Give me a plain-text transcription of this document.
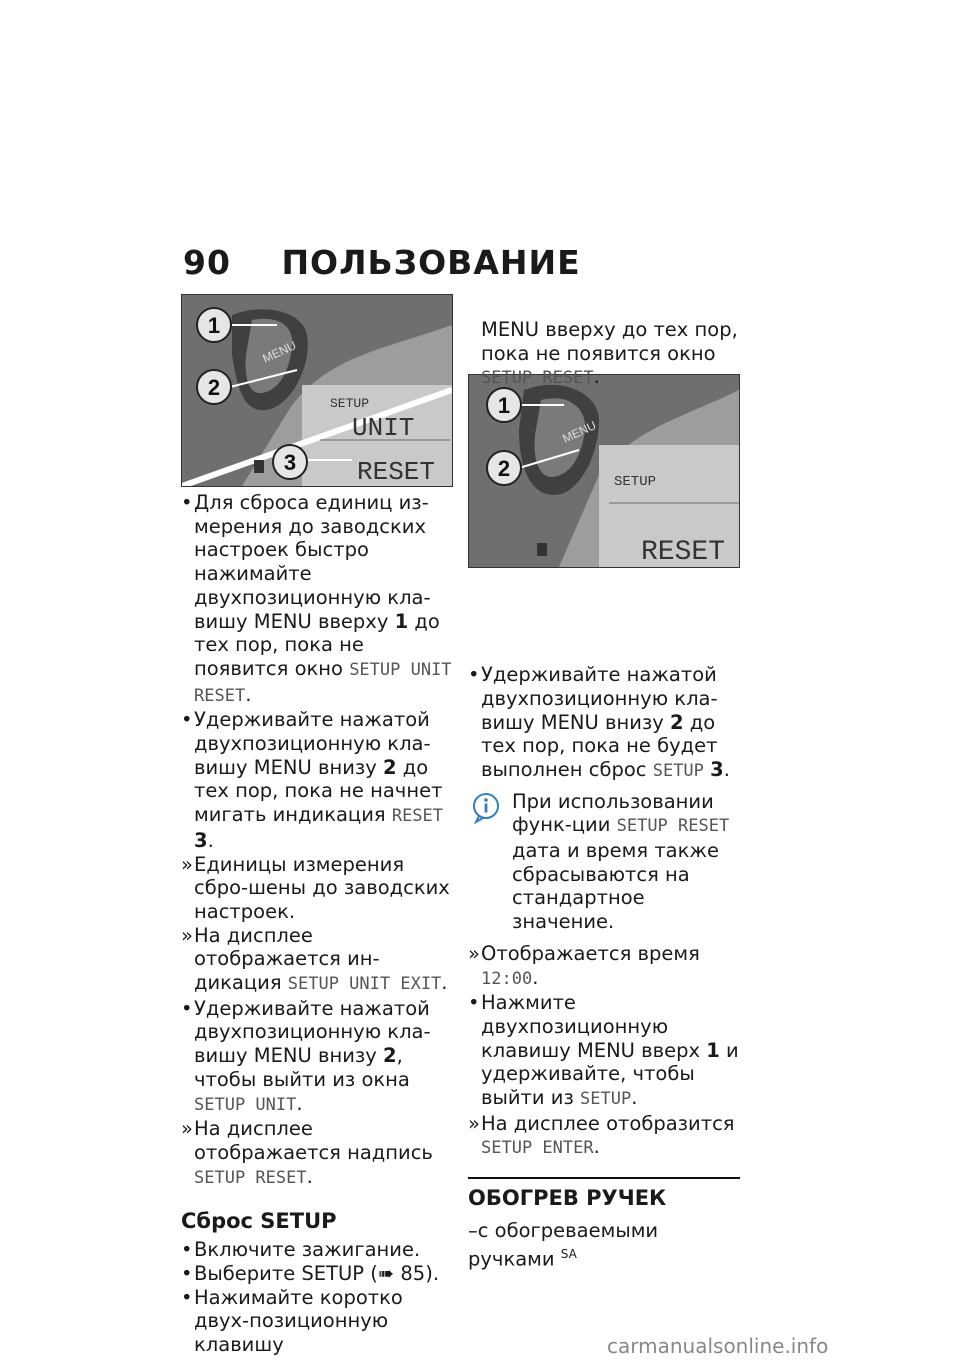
90 ПОЛЬЗОВАНИЕ
MENU
SETUP
UNIT
RESET
1
2
3
MENU
SETUP
RESET
1
2
• Для сброса единиц из-мерения до заводских настроек быстро нажимайте двухпозиционную кла-вишу MENU вверху 1 до тех пор, пока не появится окно SETUP UNIT RESET.
• Удерживайте нажатой двухпозиционную кла-вишу MENU внизу 2 до тех пор, пока не начнет мигать индикация RESET 3.
» Единицы измерения сбро-шены до заводских настроек.
» На дисплее отображается ин-дикация SETUP UNIT EXIT.
• Удерживайте нажатой двухпозиционную кла-вишу MENU внизу 2, чтобы выйти из окна SETUP UNIT.
» На дисплее отображается надпись SETUP RESET.
Сброс SETUP
• Включите зажигание.
• Выберите SETUP (➠ 85).
• Нажимайте коротко двух-позиционную клавишу
MENU вверху до тех пор, пока не появится окно SETUP RESET.
• Удерживайте нажатой двухпозиционную кла-вишу MENU внизу 2 до тех пор, пока не будет выполнен сброс SETUP 3.
При использовании функ-ции SETUP RESET дата и время также сбрасываются на стандартное значение.
» Отображается время 12:00.
• Нажмите двухпозиционную клавишу MENU вверх 1 и удерживайте, чтобы выйти из SETUP.
» На дисплее отобразится SETUP ENTER.
ОБОГРЕВ РУЧЕК
–с обогреваемыми ручками $^{SA}$
carmanualsonline.info
